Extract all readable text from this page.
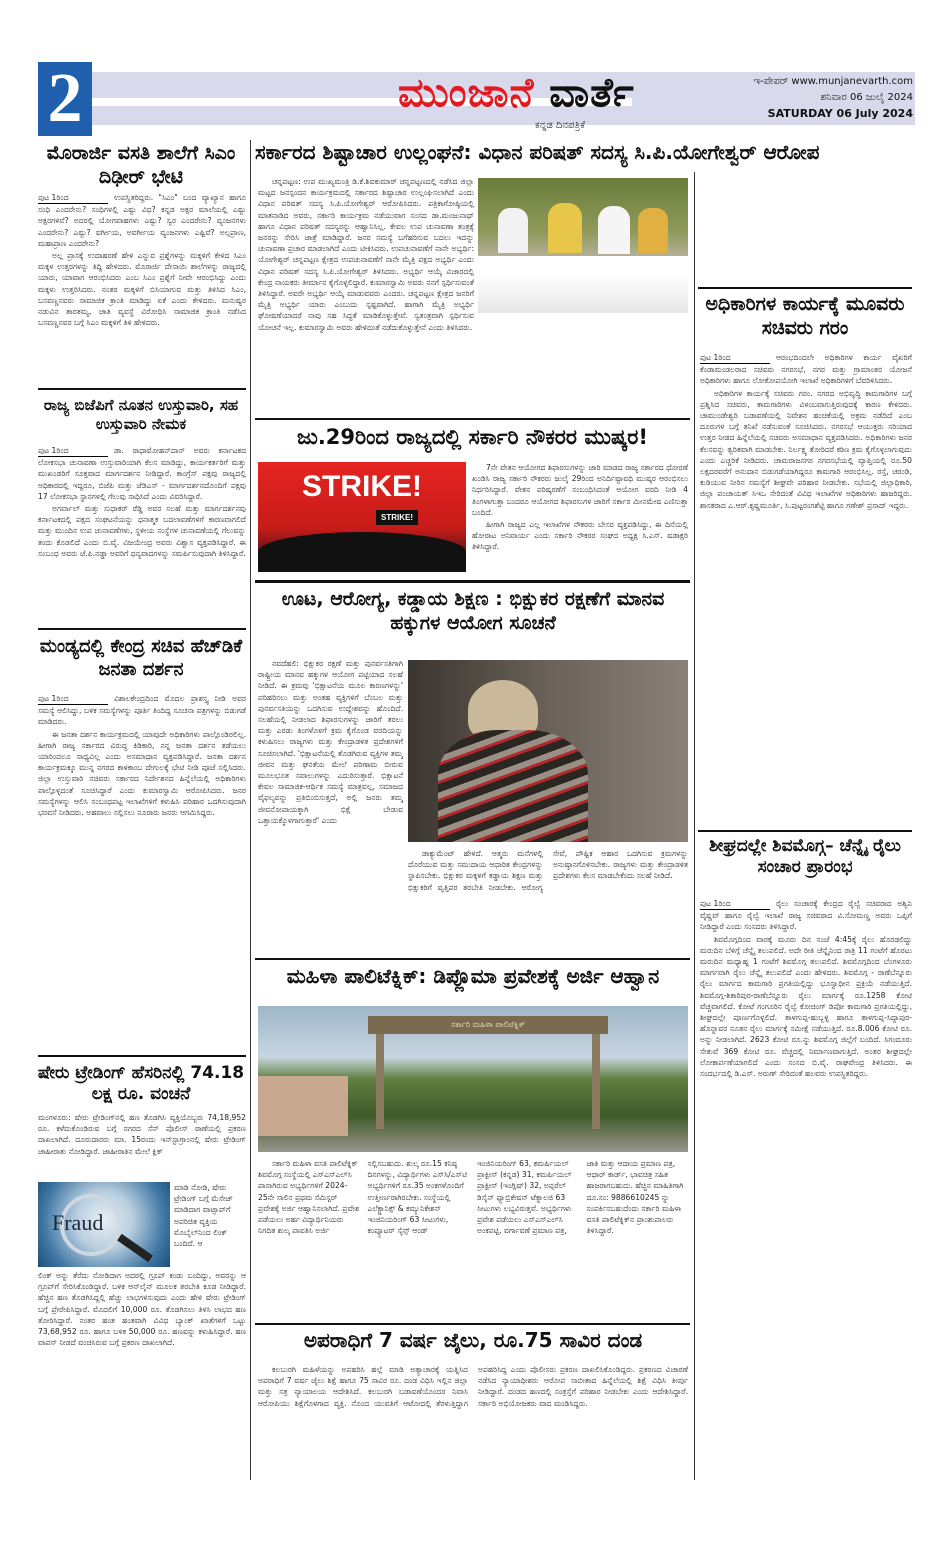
2	ಮುಂಜಾನೆ ವಾರ್ತೆ
ಕನ್ನಡ ದಿನಪತ್ರಿಕೆ
ಇ-ಪೇಪರ್ www.munjanevarth.com
ಶನಿವಾರ 06 ಜುಲೈ 2024
SATURDAY 06 July 2024
ಮೊರಾರ್ಜಿ ವಸತಿ ಶಾಲೆಗೆ ಸಿಎಂ ದಿಢೀರ್ ಭೇಟಿ

ಪುಟ 1ರಿಂದ	ಉಪಸ್ಥಿತರಿದ್ದರು. "ಸಿಎಂ" ಬಂದ ವ್ಯಾಖ್ಯಾನ ಹಾಗೂ ಸಂಧಿ ಎಂದರೇನು? ಸಂಧಿಗಳಲ್ಲಿ ಎಷ್ಟು ವಿಧ? ಕನ್ನಡ ಅಕ್ಷರ ಮಾಲೆಯಲ್ಲಿ ಎಷ್ಟು ಅಕ್ಷರಗಳಿವೆ? ಅದರಲ್ಲಿ ಯೋಗವಾಹಗಳು ಎಷ್ಟು? ಸ್ವರ ಎಂದರೇನು? ವ್ಯಂಜನಗಳು ಎಂದರೇನು? ಎಷ್ಟು? ವರ್ಗೀಯ, ಅವರ್ಗೀಯ ವ್ಯಂಜನಗಳು ಎಷ್ಟಿವೆ? ಅಲ್ಪಪ್ರಾಣ, ಮಹಾಪ್ರಾಣ ಎಂದರೇನು?

ಅಲ್ಲ ಪ್ರಾಸಕ್ಕೆ ಉದಾಹರಣೆ ಹೇಳಿ ಎನ್ನುವ ಪ್ರಶ್ನೆಗಳನ್ನು ಮಕ್ಕಳಿಗೆ ಕೇಳಿದ ಸಿಎಂ ಮಕ್ಕಳ ಉತ್ತರಗಳನ್ನು ತಿದ್ದಿ ಹೇಳಿದರು. ಮೊರಾರ್ಜಿ ದೇಸಾಯಿ ಶಾಲೆಗಳನ್ನು ರಾಜ್ಯದಲ್ಲಿ ಯಾರು, ಯಾವಾಗ ಆರಂಭಿಸಿದರು ಎಂಬ ಸಿಎಂ ಪ್ರಶ್ನೆಗೆ ನೀವೇ ಆರಂಭಿಸಿದ್ದು ಎಂದು ಮಕ್ಕಳು ಉತ್ತರಿಸಿದರು. ನಂತರ ಮಕ್ಕಳಿಗೆ ಬಿಸಿಯಾಗುವ ಮತ್ತು ತಿಳಿಸಿದ ಸಿಎಂ, ಬಸವಣ್ಣನವರು ಸಾಮಾಜಿಕ ಕ್ರಾಂತಿ ಮಾಡಿದ್ದು ಏಕೆ ಎಂದು ಕೇಳಿದರು. ಮನುಷ್ಯರ ನಡುವಿನ ತಾರತಮ್ಯ, ಜಾತಿ ವ್ಯವಸ್ಥೆ ವಿರೋಧಿಸಿ ಸಾಮಾಜಿಕ ಕ್ರಾಂತಿ ನಡೆಸಿದ ಬಸವಣ್ಣನವರ ಬಗ್ಗೆ ಸಿಎಂ ಮಕ್ಕಳಿಗೆ ತಿಳಿ ಹೇಳಿದರು.

ರಾಜ್ಯ ಬಿಜೆಪಿಗೆ ನೂತನ ಉಸ್ತುವಾರಿ, ಸಹ ಉಸ್ತುವಾರಿ ನೇಮಕ

ಪುಟ 1ರಿಂದ	ಡಾ. ರಾಧಾಮೋಹನ್‌ದಾಸ್ ಅವರು ಕರ್ನಾಟಕದ ಲೋಕಸಭಾ ಚುನಾವಣಾ ಉಸ್ತುವಾರಿಯಾಗಿ ಕೆಲಸ ಮಾಡಿದ್ದು, ಕಾರ್ಯಕರ್ತರಿಗೆ ಮತ್ತು ಮುಖಂಡರಿಗೆ ಸೂಕ್ತವಾದ ಮಾರ್ಗದರ್ಶನ ನೀಡಿದ್ದಾರೆ. ಕಾಂಗ್ರೆಸ್ ಪಕ್ಷವು ರಾಜ್ಯದಲ್ಲಿ ಅಧಿಕಾರದಲ್ಲಿ ಇದ್ದರೂ, ಬಿಜೆಪಿ ಮತ್ತು ಜೆಡಿಎಸ್ - ಮಾರ್ಗದರ್ಶನದೊಂದಿಗೆ ಪಕ್ಷವು 17 ಲೋಕಸಭಾ ಸ್ಥಾನಗಳಲ್ಲಿ ಗೆಲುವು ಸಾಧಿಸಿದೆ ಎಂದು ವಿವರಿಸಿದ್ದಾರೆ.

ಅಗರ್ವಾಲ್ ಮತ್ತು ಸುಧಾಕರ್ ರೆಡ್ಡಿ ಅವರ ಸಲಹೆ ಮತ್ತು ಮಾರ್ಗದರ್ಶನವು ಕರ್ನಾಟಕದಲ್ಲಿ ಪಕ್ಷದ ಸಂಘಟನೆಯನ್ನು ಧನಾತ್ಮಕ ಬದಲಾವಣೆಗಳಿಗೆ ಕಾರಣವಾಗಲಿದೆ ಮತ್ತು ಮುಂದಿನ ಉಪ ಚುನಾವಣೆಗಳು, ಸ್ಥಳೀಯ ಸಂಸ್ಥೆಗಳ ಚುನಾವಣೆಯಲ್ಲಿ ಗೆಲುವನ್ನು ತಂದು ಕೊಡಲಿದೆ ಎಂದು ಬಿ.ವೈ. ವಿಜಯೇಂದ್ರ ಅವರು ವಿಶ್ವಾಸ ವ್ಯಕ್ತಪಡಿಸಿದ್ದಾರೆ. ಈ ಸಂಬಂಧ ಅವರು ಜೆ.ಪಿ.ನಡ್ಡಾ ಅವರಿಗೆ ಧನ್ಯವಾದಗಳನ್ನು ಸಮರ್ಪಿಸುವುದಾಗಿ ತಿಳಿಸಿದ್ದಾರೆ.

ಮಂಡ್ಯದಲ್ಲಿ ಕೇಂದ್ರ ಸಚಿವ ಹೆಚ್‌ಡಿಕೆ ಜನತಾ ದರ್ಶನ

ಪುಟ 1ರಿಂದ	ವಿಶಾಲಕೇಂದ್ರದಿಂದ ಮೊದಲ ಪ್ರಾಶಸ್ತ್ಯ ನೀಡಿ ಅವರ ಸಮಸ್ಯೆ ಆಲಿಸಿದ್ದು, ಬಳಿಕ ಸಮಸ್ಯೆಗಳನ್ನು ಪೂರ್ತಿ ತಿಂದಿದ್ದ ಸೂಚನಾ ಪತ್ರಗಳನ್ನು ಬಿಡುಗಡೆ ಮಾಡಿದರು.

ಈ ಜನತಾ ದರ್ಶನ ಕಾರ್ಯಕ್ರಮದಲ್ಲಿ ಯಾವುದೇ ಅಧಿಕಾರಿಗಳು ಪಾಲ್ಗೊಂಡಿರಲಿಲ್ಲ. ಹೀಗಾಗಿ ರಾಜ್ಯ ಸರ್ಕಾರದ ವಿರುದ್ಧ ಕಿಡಿಕಾರಿ, ನನ್ನ ಜನತಾ ದರ್ಶನ ತಡೆಯಲು ಯಾರಿಂದಲೂ ಸಾಧ್ಯವಿಲ್ಲ ಎಂದು ಅಸಮಾಧಾನ ವ್ಯಕ್ತಪಡಿಸಿದ್ದಾರೆ. ಜನತಾ ದರ್ಶನ ಕಾರ್ಯಕ್ರಮಕ್ಕೂ ಮುನ್ನ ನಗರದ ಕಾಳಿಕಾಂಬ ದೇಗುಲಕ್ಕೆ ಭೇಟಿ ನೀಡಿ ಪೂಜೆ ಸಲ್ಲಿಸಿದರು. ಜಿಲ್ಲಾ ಉಸ್ತುವಾರಿ ಸಚಿವರು ಸರ್ಕಾರದ ನಿರ್ದೇಶನದ ಹಿನ್ನೆಲೆಯಲ್ಲಿ ಅಧಿಕಾರಿಗಳು ಪಾಲ್ಗೊಳ್ಳದಂತೆ ಸೂಚಿಸಿದ್ದಾರೆ ಎಂದು ಕುಮಾರಸ್ವಾಮಿ ಆರೋಪಿಸಿದರು. ಜನರ ಸಮಸ್ಯೆಗಳನ್ನು ಆಲಿಸಿ ಸಂಬಂಧಪಟ್ಟ ಇಲಾಖೆಗಳಿಗೆ ಕಳುಹಿಸಿ ಪರಿಹಾರ ಒದಗಿಸುವುದಾಗಿ ಭರವಸೆ ನೀಡಿದರು. ಅಹವಾಲು ಸಲ್ಲಿಸಲು ನೂರಾರು ಜನರು ಆಗಮಿಸಿದ್ದರು.

ಷೇರು ಟ್ರೇಡಿಂಗ್ ಹೆಸರಿನಲ್ಲಿ 74.18 ಲಕ್ಷ ರೂ. ವಂಚನೆ
ಮಂಗಳೂರು: ಷೇರು ಟ್ರೇಡಿಂಗ್‌ನಲ್ಲಿ ಹಣ ತೊಡಗಿಸಿ ವ್ಯಕ್ತಿಯೊಬ್ಬರು 74,18,952 ರೂ. ಕಳೆದುಕೊಂಡಿರುವ ಬಗ್ಗೆ ನಗರದ ಸೆನ್ ಪೊಲೀಸ್ ಠಾಣೆಯಲ್ಲಿ ಪ್ರಕರಣ ದಾಖಲಾಗಿದೆ. ದೂರುದಾರರು ಮಾ. 15ರಂದು ಇನ್‌ಸ್ಟಾಗ್ರಾಂನಲ್ಲಿ ಷೇರು ಟ್ರೇಡಿಂಗ್ ಜಾಹೀರಾತು ನೋಡಿದ್ದಾರೆ. ಜಾಹೀರಾತಿನ ಮೇಲೆ ಕ್ಲಿಕ್
Fraud
ಮಾಡಿ ನೋಡಿ, ಷೇರು ಟ್ರೇಡಿಂಗ್ ಬಗ್ಗೆ ಮೆಸೇಜ್ ಮಾಡಿದಾಗ ವಾಟ್ಸಾಪ್‌ಗೆ ಅಪರಿಚಿತ ವ್ಯಕ್ತಿಯ ಮೊಬೈಲ್‌ನಿಂದ ಲಿಂಕ್ ಬಂದಿದೆ. ಆ

ಲಿಂಕ್ ಅನ್ನು ತೆರೆದು ನೋಡಿದಾಗ ಅದರಲ್ಲಿ ಗ್ರೂಪ್ ಕಂಡು ಬಂದಿದ್ದು, ಅವರನ್ನು ಆ ಗ್ರೂಪ್‌ಗೆ ಸೇರಿಸಿಕೊಂಡಿದ್ದಾರೆ. ಬಳಿಕ ಆನ್‌ಲೈನ್ ಮೂಲಕ ತರಬೇತಿ ಕೂಡ ನೀಡಿದ್ದಾರೆ. ಹೆಚ್ಚಿನ ಹಣ ತೊಡಗಿಸಿದ್ದಲ್ಲಿ ಹೆಚ್ಚು ಲಾಭಗಳಿಸುವುದು ಎಂದು ಹೇಳಿ ಷೇರು ಟ್ರೇಡಿಂಗ್ ಬಗ್ಗೆ ಪ್ರೇರೇಪಿಸಿದ್ದಾರೆ. ಮೊದಲಿಗೆ 10,000 ರೂ. ತೊಡಗಿಸಲು ತಿಳಿಸಿ ಲಾಭದ ಹಣ ತೋರಿಸಿದ್ದಾರೆ. ನಂತರ ಹಂತ ಹಂತವಾಗಿ ವಿವಿಧ ಬ್ಯಾಂಕ್ ಖಾತೆಗಳಿಗೆ ಒಟ್ಟು 73,68,952 ರೂ. ಹಾಗೂ ಬಳಿಕ 50,000 ರೂ. ಹಣವನ್ನು ಕಳುಹಿಸಿದ್ದಾರೆ. ಹಣ ವಾಪಸ್ ನೀಡದೆ ವಂಚಿಸಿರುವ ಬಗ್ಗೆ ಪ್ರಕರಣ ದಾಖಲಾಗಿದೆ.

ಸರ್ಕಾರದ ಶಿಷ್ಟಾಚಾರ ಉಲ್ಲಂಘನೆ: ವಿಧಾನ ಪರಿಷತ್ ಸದಸ್ಯ ಸಿ.ಪಿ.ಯೋಗೇಶ್ವರ್ ಆರೋಪ

ಚನ್ನಪಟ್ಟಣ: ಉಪ ಮುಖ್ಯಮಂತ್ರಿ ಡಿ.ಕೆ.ಶಿವಕುಮಾರ್ ಚನ್ನಪಟ್ಟಣದಲ್ಲಿ ನಡೆಸಿದ ಜಿಲ್ಲಾ ಮಟ್ಟದ ಜನಸ್ಪಂದನ ಕಾರ್ಯಕ್ರಮದಲ್ಲಿ ಸರ್ಕಾರದ ಶಿಷ್ಟಾಚಾರ ಉಲ್ಲಂಘಿಸಲಾಗಿದೆ ಎಂದು ವಿಧಾನ ಪರಿಷತ್ ಸದಸ್ಯ ಸಿ.ಪಿ.ಯೋಗೇಶ್ವರ್ ಆರೋಪಿಸಿದರು. ಪತ್ರಿಕಾಗೋಷ್ಠಿಯಲ್ಲಿ ಮಾತನಾಡಿದ ಅವರು, ಸರ್ಕಾರಿ ಕಾರ್ಯಕ್ರಮ ನಡೆಯುವಾಗ ಸಂಸದ ಡಾ.ಮಂಜುನಾಥ್ ಹಾಗೂ ವಿಧಾನ ಪರಿಷತ್ ಸದಸ್ಯರನ್ನು ಆಹ್ವಾನಿಸಿಲ್ಲ. ಕೇವಲ ಉಪ ಚುನಾವಣಾ ತಂತ್ರಕ್ಕೆ ಜನರನ್ನು ಸೇರಿಸಿ ಜಾತ್ರೆ ಮಾಡಿದ್ದಾರೆ. ಜನರ ಸಮಸ್ಯೆ ಬಗೆಹರಿಸುವ ಬದಲು ಇದನ್ನು ಚುನಾವಣಾ ಪ್ರಚಾರ ಮಾಡಲಾಗಿದೆ ಎಂದು ಟೀಕಿಸಿದರು. ಉಪಚುನಾವಣೆಗೆ ನಾನೇ ಅಭ್ಯರ್ಥಿ: ಯೋಗೇಶ್ವರ್ ಚನ್ನಪಟ್ಟಣ ಕ್ಷೇತ್ರದ ಉಪಚುನಾವಣೆಗೆ ನಾನೇ ಮೈತ್ರಿ ಪಕ್ಷದ ಅಭ್ಯರ್ಥಿ ಎಂದು ವಿಧಾನ ಪರಿಷತ್ ಸದಸ್ಯ ಸಿ.ಪಿ.ಯೋಗೇಶ್ವರ್ ತಿಳಿಸಿದರು. ಅಭ್ಯರ್ಥಿ ಆಯ್ಕೆ ವಿಚಾರದಲ್ಲಿ ಕೇಂದ್ರ ನಾಯಕರು ತೀರ್ಮಾನ ಕೈಗೊಳ್ಳಲಿದ್ದಾರೆ. ಕುಮಾರಸ್ವಾಮಿ ಅವರು ನನಗೆ ಸ್ಪರ್ಧಿಸುವಂತೆ ತಿಳಿಸಿದ್ದಾರೆ. ಅವರೇ ಅಭ್ಯರ್ಥಿ ಆಯ್ಕೆ ಮಾಡುವವರು ಎಂದರು. ಚನ್ನಪಟ್ಟಣ ಕ್ಷೇತ್ರದ ಜನರಿಗೆ ಮೈತ್ರಿ ಅಭ್ಯರ್ಥಿ ಯಾರು ಎಂಬುದು ಸ್ಪಷ್ಟವಾಗಿದೆ. ಹಾಗಾಗಿ ಮೈತ್ರಿ ಅಭ್ಯರ್ಥಿ ಘೋಷಣೆಯಾದರೆ ನಾವು ಸಹ ಸಿದ್ಧತೆ ಮಾಡಿಕೊಳ್ಳುತ್ತೇವೆ. ಸ್ವತಂತ್ರವಾಗಿ ಸ್ಪರ್ಧಿಸುವ ಯೋಚನೆ ಇಲ್ಲ. ಕುಮಾರಸ್ವಾಮಿ ಅವರು ಹೇಳಿದಂತೆ ನಡೆದುಕೊಳ್ಳುತ್ತೇನೆ ಎಂದು ತಿಳಿಸಿದರು.

ಜು.29ರಿಂದ ರಾಜ್ಯದಲ್ಲಿ ಸರ್ಕಾರಿ ನೌಕರರ ಮುಷ್ಕರ!
STRIKE!
STRIKE!

7ನೇ ವೇತನ ಆಯೋಗದ ಶಿಫಾರಸುಗಳನ್ನು ಜಾರಿ ಮಾಡದ ರಾಜ್ಯ ಸರ್ಕಾರದ ಧೋರಣೆ ಖಂಡಿಸಿ ರಾಜ್ಯ ಸರ್ಕಾರಿ ನೌಕರರು ಜುಲೈ 29ರಿಂದ ಅನಿರ್ದಿಷ್ಟಾವಧಿ ಮುಷ್ಕರ ಆರಂಭಿಸಲು ನಿರ್ಧರಿಸಿದ್ದಾರೆ. ವೇತನ ಪರಿಷ್ಕರಣೆಗೆ ಸಂಬಂಧಿಸಿದಂತೆ ಆಯೋಗ ವರದಿ ನೀಡಿ 4 ತಿಂಗಳಾಗುತ್ತಾ ಬಂದರೂ ಆಯೋಗದ ಶಿಫಾರಸುಗಳ ಜಾರಿಗೆ ಸರ್ಕಾರ ಮೀನಮೇಷ ಎಣಿಸುತ್ತಾ ಬಂದಿದೆ.

ಹೀಗಾಗಿ ರಾಜ್ಯದ ಎಲ್ಲ ಇಲಾಖೆಗಳ ನೌಕರರು ಬೇಸರ ವ್ಯಕ್ತಪಡಿಸಿದ್ದು, ಈ ದಿಸೆಯಲ್ಲಿ ಹೋರಾಟ ಅನಿವಾರ್ಯ ಎಂದು ಸರ್ಕಾರಿ ನೌಕರರ ಸಂಘದ ಅಧ್ಯಕ್ಷ ಸಿ.ಎಸ್. ಷಡಾಕ್ಷರಿ ತಿಳಿಸಿದ್ದಾರೆ.

ಊಟ, ಆರೋಗ್ಯ, ಕಡ್ಡಾಯ ಶಿಕ್ಷಣ : ಭಿಕ್ಷುಕರ ರಕ್ಷಣೆಗೆ ಮಾನವ ಹಕ್ಕುಗಳ ಆಯೋಗ ಸೂಚನೆ

ನವದೆಹಲಿ: ಭಿಕ್ಷುಕರ ರಕ್ಷಣೆ ಮತ್ತು ಪುನರ್ವಸತಿಗಾಗಿ ರಾಷ್ಟ್ರೀಯ ಮಾನವ ಹಕ್ಕುಗಳ ಆಯೋಗ ಪಟ್ಟಿಯಾದ ಸಲಹೆ ನೀಡಿದೆ. ಈ ಕ್ರಮವು 'ಭಿಕ್ಷಾಟನೆಯ ಮೂಲ ಕಾರಣಗಳನ್ನು' ಪರಿಹರಿಸಲು ಮತ್ತು ಅಂತಹ ವ್ಯಕ್ತಿಗಳಿಗೆ ಬೆಂಬಲ ಮತ್ತು ಪುನರ್ವಸತಿಯನ್ನು ಒದಗಿಸುವ ಉದ್ದೇಶವನ್ನು ಹೊಂದಿದೆ. ಸಲಹೆಯಲ್ಲಿ ನೀಡಲಾದ ಶಿಫಾರಸುಗಳನ್ನು ಜಾರಿಗೆ ತರಲು ಮತ್ತು ಎರಡು ತಿಂಗಳೊಳಗೆ ಕ್ರಮ ಕೈಗೊಂಡ ವರದಿಯನ್ನು ಕಳುಹಿಸಲು ರಾಜ್ಯಗಳು ಮತ್ತು ಕೇಂದ್ರಾಡಳಿತ ಪ್ರದೇಶಗಳಿಗೆ ಸೂಚಿಸಲಾಗಿದೆ. 'ಭಿಕ್ಷಾಟನೆಯಲ್ಲಿ ತೊಡಗಿರುವ ವ್ಯಕ್ತಿಗಳ ತಮ್ಮ ಜೀವನ ಮತ್ತು ಘನತೆಯ ಮೇಲೆ ಪರಿಣಾಮ ಬೀರುವ ಮೂಲಭೂತ ಸವಾಲುಗಳನ್ನು ಎದುರಿಸುತ್ತಾರೆ. ಭಿಕ್ಷಾಟನೆ ಕೇವಲ ಸಾಮಾಜಿಕ-ಆರ್ಥಿಕ ಸಮಸ್ಯೆ ಮಾತ್ರವಲ್ಲ, ಸಮಾಜದ ವೈಫಲ್ಯವನ್ನು ಪ್ರತಿಬಿಂಬಿಸುತ್ತದೆ, ಅಲ್ಲಿ ಜನರು ತಮ್ಮ ಜೀವನೋಪಾಯಕ್ಕಾಗಿ ಭಿಕ್ಷೆ ಬೇಡುವ ಒತ್ತಾಯಕ್ಕೊಳಗಾಗುತ್ತಾರೆ' ಎಂದು

ಡಾಕ್ಯುಮೆಂಟ್ ಹೇಳಿದೆ. ಆತ್ಮರು ಮನೆಗಳಲ್ಲಿ ದೊರೆಯುವ ಮತ್ತು ಸಮುದಾಯ ಆಧಾರಿತ ಕೇಂದ್ರಗಳನ್ನು ಸ್ಥಾಪಿಸಬೇಕು. ಭಿಕ್ಷುಕರ ಮಕ್ಕಳಿಗೆ ಕಡ್ಡಾಯ ಶಿಕ್ಷಣ ಮತ್ತು ಭಿಕ್ಷುಕರಿಗೆ ವೃತ್ತಿಪರ ತರಬೇತಿ ನೀಡಬೇಕು. ಆರೋಗ್ಯ ಸೇವೆ, ಪೌಷ್ಟಿಕ ಆಹಾರ ಒದಗಿಸುವ ಕ್ರಮಗಳನ್ನು ಅನುಷ್ಠಾನಗೊಳಿಸಬೇಕು. ರಾಜ್ಯಗಳು ಮತ್ತು ಕೇಂದ್ರಾಡಳಿತ ಪ್ರದೇಶಗಳು ಕೆಲಸ ಮಾಡಬೇಕೆಂದು ಸಲಹೆ ನೀಡಿದೆ.

ಮಹಿಳಾ ಪಾಲಿಟೆಕ್ನಿಕ್: ಡಿಪ್ಲೊಮಾ ಪ್ರವೇಶಕ್ಕೆ ಅರ್ಜಿ ಆಹ್ವಾನ
ಸರ್ಕಾರಿ ಮಹಿಳಾ ಪಾಲಿಟೆಕ್ನಿಕ್

ಸರ್ಕಾರಿ ಮಹಿಳಾ ವಸತಿ ಪಾಲಿಟೆಕ್ನಿಕ್ ಶಿವಮೊಗ್ಗ ಸಂಸ್ಥೆಯಲ್ಲಿ ಎಸ್‌ಎಸ್‌ಎಲ್‌ಸಿ ಪಾಸಾಗಿರುವ ಅಭ್ಯರ್ಥಿಗಳಿಗೆ 2024-25ನೇ ಸಾಲಿನ ಪ್ರಥಮ ಸೆಮಿಸ್ಟರ್ ಪ್ರವೇಶಕ್ಕೆ ಅರ್ಜಿ ಆಹ್ವಾನಿಸಲಾಗಿದೆ. ಪ್ರವೇಶ ಪಡೆಯಲು ಅರ್ಹ ವಿದ್ಯಾರ್ಥಿನಿಯರು ನಿಗದಿತ ಶುಲ್ಕ ಪಾವತಿಸಿ ಅರ್ಜಿ ಸಲ್ಲಿಸಬಹುದು. ಶುಲ್ಕ ರೂ.15 ಕನಿಷ್ಠ ದಿನಗಳನ್ನು, ವಿದ್ಯಾರ್ಥಿಗಳು ಎಸ್‌ಸಿ/ಎಸ್‌ಟಿ ಅಭ್ಯರ್ಥಿಗಳಿಗೆ ರೂ.35 ಅಂಕಗಳೊಂದಿಗೆ ಉತ್ತೀರ್ಣರಾಗಿರಬೇಕು. ಸಂಸ್ಥೆಯಲ್ಲಿ ಎಲೆಕ್ಟ್ರಾನಿಕ್ಸ್ & ಕಮ್ಯುನಿಕೇಶನ್ ಇಂಜಿನಿಯರಿಂಗ್ 63 ಸೀಟುಗಳು, ಕಂಪ್ಯೂಟರ್ ಸೈನ್ಸ್ ಆಂಡ್ ಇಂಜಿನಿಯರಿಂಗ್ 63, ಕಮರ್ಷಿಯಲ್ ಪ್ರಾಕ್ಟೀಸ್ (ಕನ್ನಡ) 31, ಕಮರ್ಷಿಯಲ್ ಪ್ರಾಕ್ಟೀಸ್ (ಇಂಗ್ಲಿಷ್) 32, ಅಪ್ಪರೆಲ್ ಡಿಸೈನ್ ಫ್ಯಾಬ್ರಿಕೇಷನ್ ಟೆಕ್ನಾಲಜಿ 63 ಸೀಟುಗಳು ಲಭ್ಯವಿರುತ್ತವೆ. ಅಭ್ಯರ್ಥಿಗಳು ಪ್ರವೇಶ ಪಡೆಯಲು ಎಸ್‌ಎಸ್‌ಎಲ್‌ಸಿ ಅಂಕಪಟ್ಟಿ, ವರ್ಗಾವಣೆ ಪ್ರಮಾಣ ಪತ್ರ, ಜಾತಿ ಮತ್ತು ಆದಾಯ ಪ್ರಮಾಣ ಪತ್ರ, ಆಧಾರ್ ಕಾರ್ಡ್, ಭಾವಚಿತ್ರ ಸಹಿತ ಹಾಜರಾಗಬಹುದು. ಹೆಚ್ಚಿನ ಮಾಹಿತಿಗಾಗಿ ದೂ.ಸಂ: 9886610245 ನ್ನು ಸಂಪರ್ಕಿಸಬಹುದೆಂದು ಸರ್ಕಾರಿ ಮಹಿಳಾ ವಸತಿ ಪಾಲಿಟೆಕ್ನಿಕ್‌ನ ಪ್ರಾಂಶುಪಾಲರು ತಿಳಿಸಿದ್ದಾರೆ.

ಅಪರಾಧಿಗೆ 7 ವರ್ಷ ಜೈಲು, ರೂ.75 ಸಾವಿರ ದಂಡ

ಕಲಬುರಗಿ ಮಹಿಳೆಯನ್ನು ಅಪಹರಿಸಿ ಹಲ್ಲೆ ಮಾಡಿ ಅತ್ಯಾಚಾರಕ್ಕೆ ಯತ್ನಿಸಿದ ಅಪರಾಧಿಗೆ 7 ವರ್ಷ ಜೈಲು ಶಿಕ್ಷೆ ಹಾಗೂ 75 ಸಾವಿರ ರೂ. ದಂಡ ವಿಧಿಸಿ ಇಲ್ಲಿನ ಜಿಲ್ಲಾ ಮತ್ತು ಸತ್ರ ನ್ಯಾಯಾಲಯ ಆದೇಶಿಸಿದೆ. ಕಲಬುರಗಿ ಬಡಾವಣೆಯೊಂದರ ನಿವಾಸಿ ಆರೋಪಿಯು ಶಿಕ್ಷೆಗೊಳಗಾದ ವ್ಯಕ್ತಿ. ನೊಂದ ಯುವತಿಗೆ ಆಟೋದಲ್ಲಿ ತೆರಳುತ್ತಿದ್ದಾಗ ಅಪಹರಿಸಿದ್ದ ಎಂದು ಪೊಲೀಸರು ಪ್ರಕರಣ ದಾಖಲಿಸಿಕೊಂಡಿದ್ದರು. ಪ್ರಕರಣದ ವಿಚಾರಣೆ ನಡೆಸಿದ ನ್ಯಾಯಾಧೀಶರು ಆರೋಪ ಸಾಬೀತಾದ ಹಿನ್ನೆಲೆಯಲ್ಲಿ ಶಿಕ್ಷೆ ವಿಧಿಸಿ ತೀರ್ಪು ನೀಡಿದ್ದಾರೆ. ದಂಡದ ಹಣದಲ್ಲಿ ಸಂತ್ರಸ್ತೆಗೆ ಪರಿಹಾರ ನೀಡಬೇಕು ಎಂದು ಆದೇಶಿಸಿದ್ದಾರೆ. ಸರ್ಕಾರಿ ಅಭಿಯೋಜಕರು ವಾದ ಮಂಡಿಸಿದ್ದರು.

ಅಧಿಕಾರಿಗಳ ಕಾರ್ಯಕ್ಕೆ ಮೂವರು ಸಚಿವರು ಗರಂ

ಪುಟ 1ರಿಂದ	ಆರಂಭದಿಂದಲೇ ಅಧಿಕಾರಿಗಳ ಕಾರ್ಯ ವೈಖರಿಗೆ ಕೆಂಡಾಮಂಡಲರಾದ ಸಚಿವರು ನಗರಸಭೆ, ನಗರ ಮತ್ತು ಗ್ರಾಮಾಂತರ ಯೋಜನೆ ಅಧಿಕಾರಿಗಳು ಹಾಗೂ ಲೋಕೋಪಯೋಗಿ ಇಲಾಖೆ ಅಧಿಕಾರಿಗಳಿಗೆ ಬೆವರಿಳಿಸಿದರು.

ಅಧಿಕಾರಿಗಳ ಕಾರ್ಯಕ್ಕೆ ಸಚಿವರು ಗರಂ. ನಗರದ ಅಭಿವೃದ್ಧಿ ಕಾಮಗಾರಿಗಳ ಬಗ್ಗೆ ಪ್ರಶ್ನಿಸಿದ ಸಚಿವರು, ಕಾಮಗಾರಿಗಳು ವಿಳಂಬವಾಗುತ್ತಿರುವುದಕ್ಕೆ ಕಾರಣ ಕೇಳಿದರು. ಚಾಮುಂಡೇಶ್ವರಿ ಬಡಾವಣೆಯಲ್ಲಿ ನಿವೇಶನ ಹಂಚಿಕೆಯಲ್ಲಿ ಅಕ್ರಮ ನಡೆದಿದೆ ಎಂಬ ದೂರುಗಳ ಬಗ್ಗೆ ತನಿಖೆ ನಡೆಸುವಂತೆ ಸೂಚಿಸಿದರು. ನಗರಸಭೆ ಆಯುಕ್ತರು ಸರಿಯಾದ ಉತ್ತರ ನೀಡದ ಹಿನ್ನೆಲೆಯಲ್ಲಿ ಸಚಿವರು ಅಸಮಾಧಾನ ವ್ಯಕ್ತಪಡಿಸಿದರು. ಅಧಿಕಾರಿಗಳು ಜನರ ಕೆಲಸವನ್ನು ತ್ವರಿತವಾಗಿ ಮಾಡಬೇಕು. ನಿರ್ಲಕ್ಷ್ಯ ತೋರಿದರೆ ಕಠಿಣ ಕ್ರಮ ಕೈಗೊಳ್ಳಲಾಗುವುದು ಎಂದು ಎಚ್ಚರಿಕೆ ನೀಡಿದರು. ಚಾಮರಾಜನಗರ ನಗರಸಭೆಯಲ್ಲಿ ವ್ಯಾಪ್ತಿಯಲ್ಲಿ ರೂ.50 ಲಕ್ಷದರವರೆಗೆ ಅನುದಾನ ಬಿಡುಗಡೆಯಾಗಿದ್ದರೂ ಕಾಮಗಾರಿ ಆರಂಭಿಸಿಲ್ಲ. ರಸ್ತೆ, ಚರಂಡಿ, ಕುಡಿಯುವ ನೀರಿನ ಸಮಸ್ಯೆಗೆ ಶೀಘ್ರವೇ ಪರಿಹಾರ ನೀಡಬೇಕು. ಸಭೆಯಲ್ಲಿ ಜಿಲ್ಲಾಧಿಕಾರಿ, ಜಿಲ್ಲಾ ಪಂಚಾಯತ್ ಸಿಇಒ ಸೇರಿದಂತೆ ವಿವಿಧ ಇಲಾಖೆಗಳ ಅಧಿಕಾರಿಗಳು ಹಾಜರಿದ್ದರು. ಶಾಸಕರಾದ ಎ.ಆರ್.ಕೃಷ್ಣಮೂರ್ತಿ, ಸಿ.ಪುಟ್ಟರಂಗಶೆಟ್ಟಿ ಹಾಗೂ ಗಣೇಶ್ ಪ್ರಸಾದ್ ಇದ್ದರು.

ಶೀಘ್ರದಲ್ಲೇ ಶಿವಮೊಗ್ಗ– ಚೆನ್ನೈ ರೈಲು ಸಂಚಾರ ಪ್ರಾರಂಭ

ಪುಟ 1ರಿಂದ	ರೈಲು ಸಂಚಾರಕ್ಕೆ ಕೇಂದ್ರದ ರೈಲ್ವೆ ಸಚಿವರಾದ ಅಶ್ವಿನಿ ವೈಷ್ಣವ್ ಹಾಗೂ ರೈಲ್ವೆ ಇಲಾಖೆ ರಾಜ್ಯ ಸಚಿವರಾದ ವಿ.ಸೋಮಣ್ಣ ಅವರು ಒಪ್ಪಿಗೆ ನೀಡಿದ್ದಾರೆ ಎಂದು ಸಂಸದರು ತಿಳಿಸಿದ್ದಾರೆ.

ಶಿವಮೊಗ್ಗದಿಂದ ವಾರಕ್ಕೆ ಮೂರು ದಿನ ಸಂಜೆ 4:45ಕ್ಕೆ ರೈಲು ಹೊರಡಲಿದ್ದು ಮರುದಿನ ಬೆಳಿಗ್ಗೆ ಚೆನ್ನೈ ತಲುಪಲಿದೆ. ಅದೇ ರೀತಿ ಚೆನ್ನೈನಿಂದ ರಾತ್ರಿ 11 ಗಂಟೆಗೆ ಹೊರಟು ಮರುದಿನ ಮಧ್ಯಾಹ್ನ 1 ಗಂಟೆಗೆ ಶಿವಮೊಗ್ಗ ತಲುಪಲಿದೆ. ಶಿವಮೊಗ್ಗದಿಂದ ಬೆಂಗಳೂರು ಮಾರ್ಗವಾಗಿ ರೈಲು ಚೆನ್ನೈ ತಲುಪಲಿದೆ ಎಂದು ಹೇಳಿದರು. ಶಿವಮೊಗ್ಗ - ರಾಣೆಬೆನ್ನೂರು ರೈಲು ಮಾರ್ಗದ ಕಾಮಗಾರಿ ಪ್ರಗತಿಯಲ್ಲಿದ್ದು ಭೂಸ್ವಾಧೀನ ಪ್ರಕ್ರಿಯೆ ನಡೆಯುತ್ತಿದೆ. ಶಿವಮೊಗ್ಗ-ಶಿಕಾರಿಪುರ-ರಾಣೆಬೆನ್ನೂರು ರೈಲು ಮಾರ್ಗಕ್ಕೆ ರೂ.1258 ಕೋಟಿ ವೆಚ್ಚವಾಗಲಿದೆ. ಕೋಟೆ ಗಂಗೂರಿನ ರೈಲ್ವೆ ಕೋಚಿಂಗ್ ಡಿಪೋ ಕಾಮಗಾರಿ ಪ್ರಗತಿಯಲ್ಲಿದ್ದು, ಶೀಘ್ರದಲ್ಲೇ ಪೂರ್ಣಗೊಳ್ಳಲಿದೆ. ತಾಳಗುಪ್ಪ-ಹುಬ್ಬಳ್ಳಿ ಹಾಗೂ ತಾಳಗುಪ್ಪ-ಸಿದ್ಧಾಪುರ-ಹೊನ್ನಾವರ ನೂತನ ರೈಲು ಮಾರ್ಗಕ್ಕೆ ಸಮೀಕ್ಷೆ ನಡೆಯುತ್ತಿದೆ. ರೂ.8.006 ಕೋಟಿ ರೂ. ಅನ್ನು ನೀಡಲಾಗಿದೆ. 2623 ಕೋಟಿ ರೂ.ನ್ನು ಶಿವಮೊಗ್ಗ ಜಿಲ್ಲೆಗೆ ಬಂದಿದೆ. ಸಿಗಂದೂರು ಸೇತುವೆ 369 ಕೋಟಿ ರೂ. ವೆಚ್ಚದಲ್ಲಿ ನಿರ್ಮಾಣವಾಗುತ್ತಿದೆ. ಅಂತರ ಶೀಘ್ರದಲ್ಲೇ ಲೋಕಾರ್ಪಣೆಯಾಗಲಿದೆ ಎಂದು ಸಂಸದ ಬಿ.ವೈ. ರಾಘವೇಂದ್ರ ತಿಳಿಸಿದರು. ಈ ಸಂದರ್ಭದಲ್ಲಿ ಡಿ.ಎಸ್. ಅರುಣ್ ಸೇರಿದಂತೆ ಹಲವರು ಉಪಸ್ಥಿತರಿದ್ದರು.
